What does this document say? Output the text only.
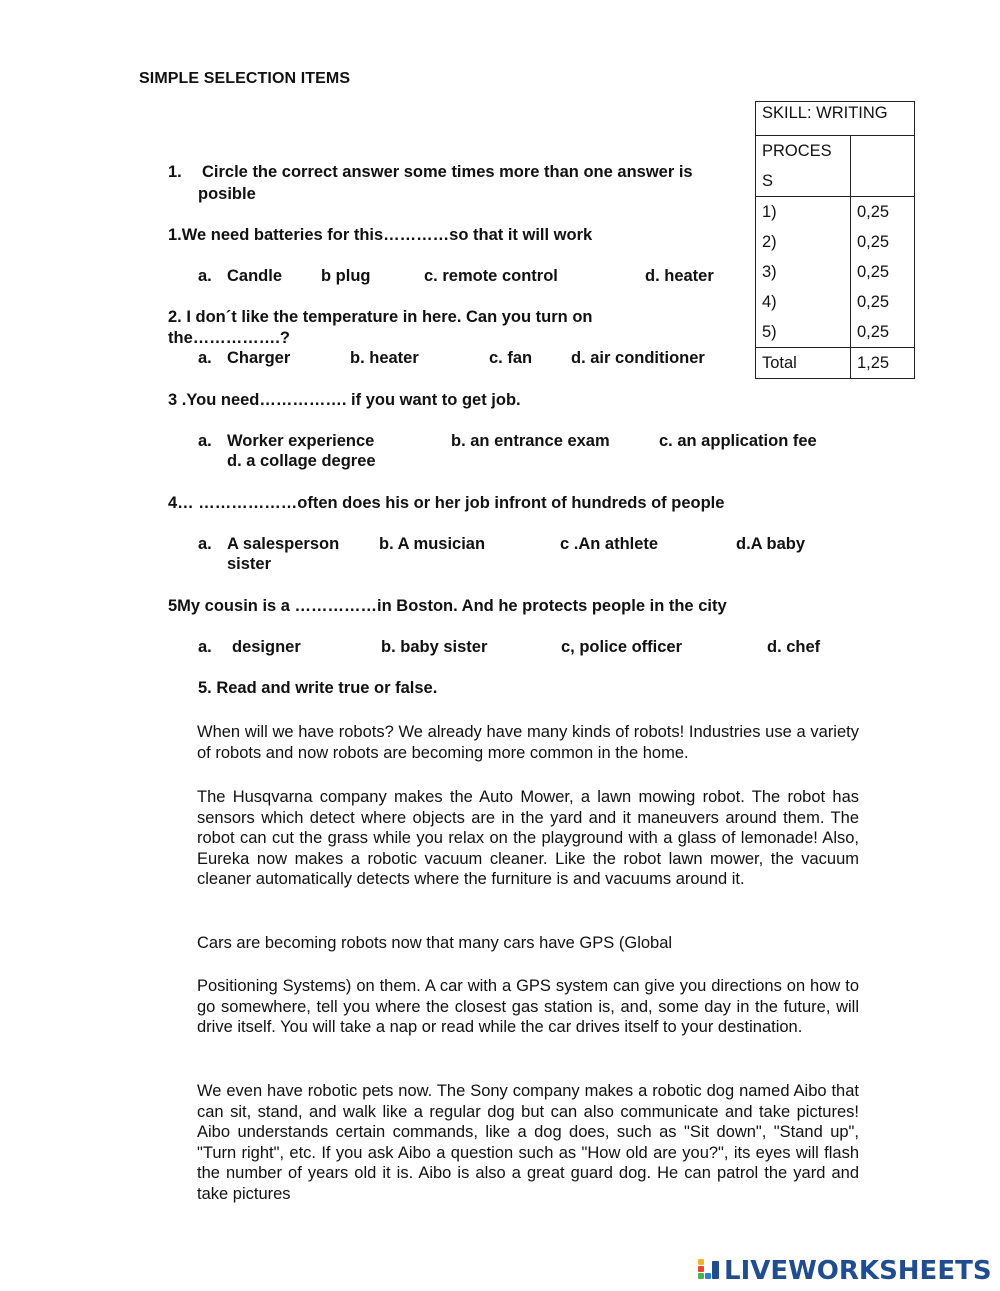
SIMPLE SELECTION ITEMS
SKILL: WRITING	
PROCES
S	
1)	0,25
2)	0,25
3)	0,25
4)	0,25
5)	0,25
Total	1,25
1. Circle the correct answer some times more than one answer is
posible
1.We need batteries for this…………so that it will work
a. Candle b plug	c. remote control	d. heater
2. I don´t like the temperature in here. Can you turn on
the…………….?
a. Charger	b. heater	c. fan d. air conditioner
3 .You need……………. if you want to get job.
a. Worker experience	b. an entrance exam	c. an application fee
d. a collage degree
4… ………………often does his or her job infront of hundreds of people
a. A salesperson b. A musician	c .An athlete	d.A baby
sister
5My cousin is a ……………in Boston. And he protects people in the city
a. designer	b. baby sister	c, police officer	d. chef
5. Read and write true or false.
When will we have robots? We already have many kinds of robots! Industries use a variety of robots and now robots are becoming more common in the home.
The Husqvarna company makes the Auto Mower, a lawn mowing robot. The robot has sensors which detect where objects are in the yard and it maneuvers around them. The robot can cut the grass while you relax on the playground with a glass of lemonade! Also, Eureka now makes a robotic vacuum cleaner. Like the robot lawn mower, the vacuum cleaner automatically detects where the furniture is and vacuums around it.
Cars are becoming robots now that many cars have GPS (Global
Positioning Systems) on them. A car with a GPS system can give you directions on how to go somewhere, tell you where the closest gas station is, and, some day in the future, will drive itself. You will take a nap or read while the car drives itself to your destination.
We even have robotic pets now. The Sony company makes a robotic dog named Aibo that can sit, stand, and walk like a regular dog but can also communicate and take pictures! Aibo understands certain commands, like a dog does, such as "Sit down", "Stand up", "Turn right", etc. If you ask Aibo a question such as "How old are you?", its eyes will flash the number of years old it is. Aibo is also a great guard dog. He can patrol the yard and take pictures
LIVEWORKSHEETS
